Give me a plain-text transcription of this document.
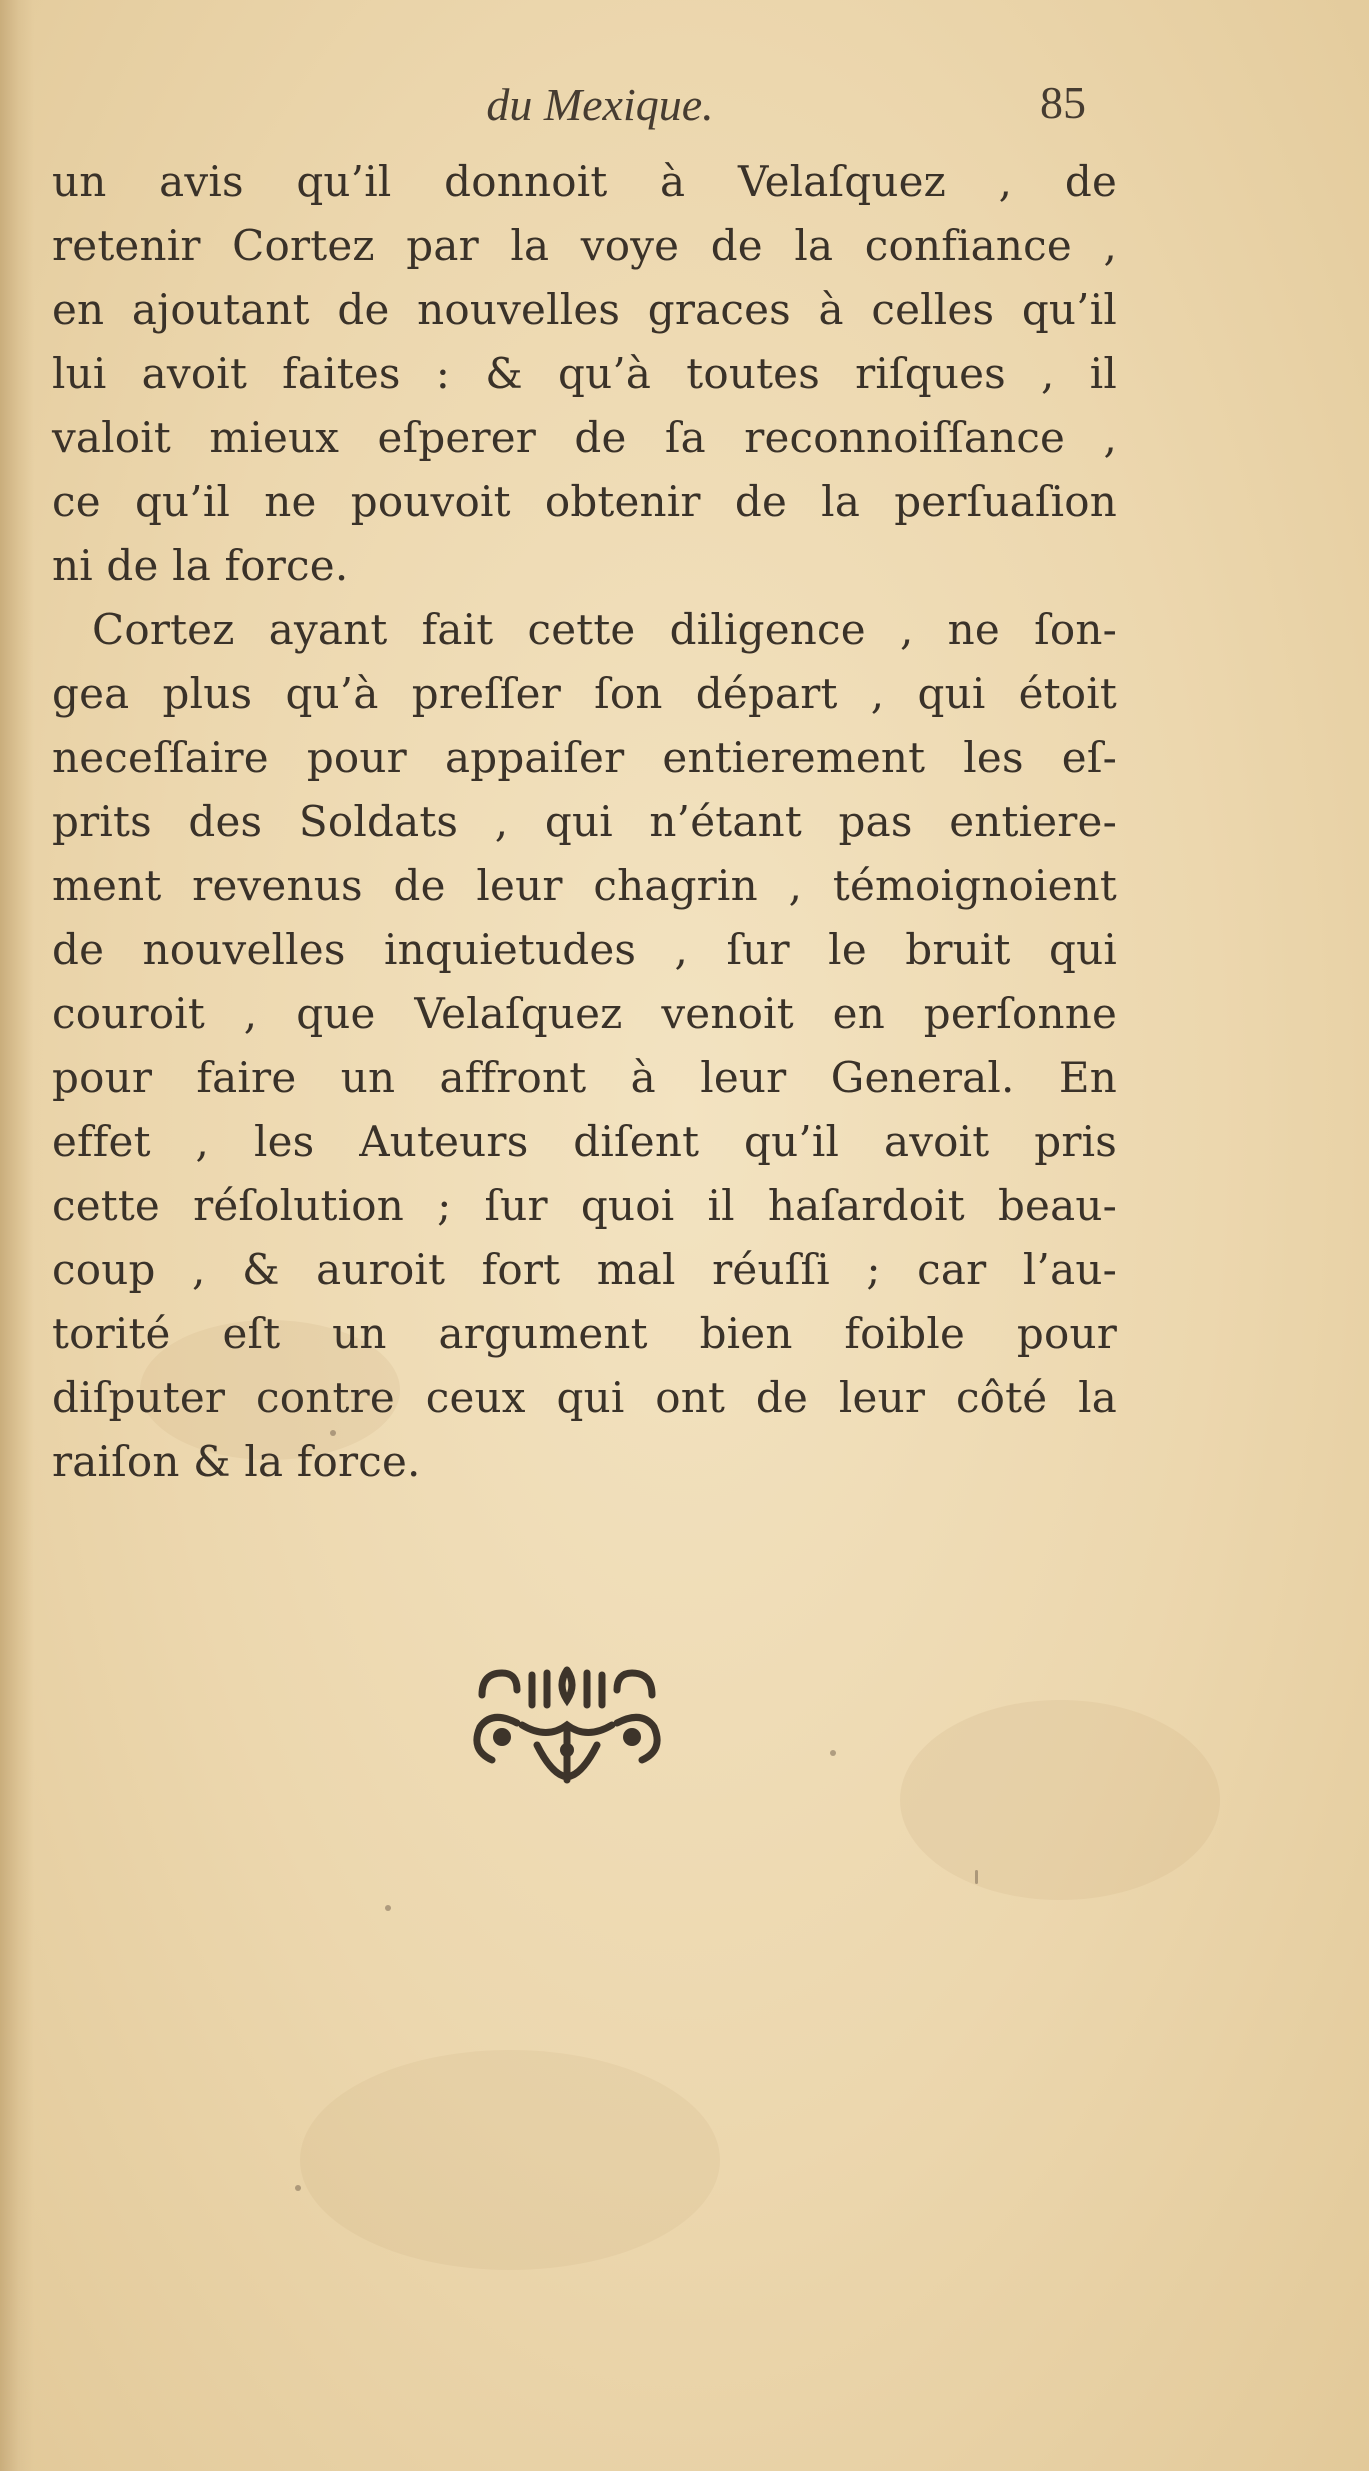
du Mexique.	85
un avis qu’il donnoit à Velaſquez , de
retenir Cortez par la voye de la confiance ,
en ajoutant de nouvelles graces à celles qu’il
lui avoit faites : & qu’à toutes riſques , il
valoit mieux eſperer de ſa reconnoiſſance ,
ce qu’il ne pouvoit obtenir de la perſuaſion
ni de la force.
Cortez ayant fait cette diligence , ne ſon-
gea plus qu’à preſſer ſon départ , qui étoit
neceſſaire pour appaiſer entierement les eſ-
prits des Soldats , qui n’étant pas entiere-
ment revenus de leur chagrin , témoignoient
de nouvelles inquietudes , ſur le bruit qui
couroit , que Velaſquez venoit en perſonne
pour faire un affront à leur General. En
effet , les Auteurs diſent qu’il avoit pris
cette réſolution ; ſur quoi il haſardoit beau-
coup , & auroit fort mal réuſſi ; car l’au-
torité eſt un argument bien foible pour
diſputer contre ceux qui ont de leur côté la
raiſon & la force.
